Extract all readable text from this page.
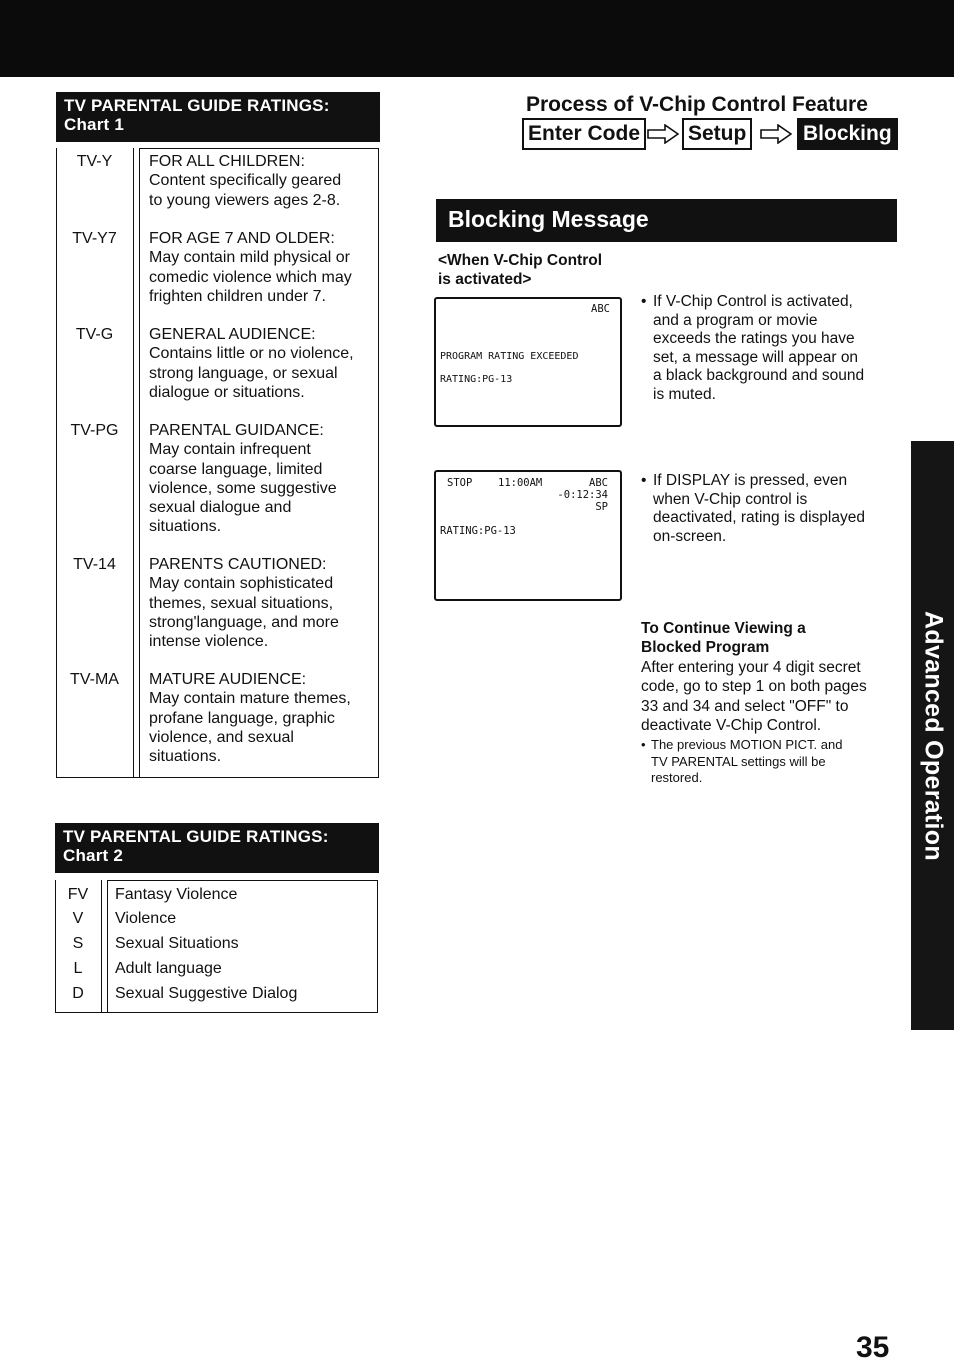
TV PARENTAL GUIDE RATINGS:
Chart 1
TV-Y	FOR ALL CHILDREN:
Content specifically geared
to young viewers ages 2-8.
TV-Y7	FOR AGE 7 AND OLDER:
May contain mild physical or
comedic violence which may
frighten children under 7.
TV-G	GENERAL AUDIENCE:
Contains little or no violence,
strong language, or sexual
dialogue or situations.
TV-PG	PARENTAL GUIDANCE:
May contain infrequent
coarse language, limited
violence, some suggestive
sexual dialogue and
situations.
TV-14	PARENTS CAUTIONED:
May contain sophisticated
themes, sexual situations,
strong'language, and more
intense violence.
TV-MA	MATURE AUDIENCE:
May contain mature themes,
profane language, graphic
violence, and sexual
situations.
TV PARENTAL GUIDE RATINGS:
Chart 2
FV	Fantasy Violence
V	Violence
S	Sexual Situations
L	Adult language
D	Sexual Suggestive Dialog
Process of V-Chip Control Feature
Enter Code Setup	Blocking
Blocking Message
<When V-Chip Control
is activated>
ABC
PROGRAM RATING EXCEEDED
RATING:PG-13
STOP 11:00AM	ABC
-0:12:34
SP
RATING:PG-13
• If V-Chip Control is activated,
and a program or movie
exceeds the ratings you have
set, a message will appear on
a black background and sound
is muted.
• If DISPLAY is pressed, even
when V-Chip control is
deactivated, rating is displayed
on-screen.
To Continue Viewing a
Blocked Program
After entering your 4 digit secret
code, go to step 1 on both pages
33 and 34 and select "OFF" to
deactivate V-Chip Control.
• The previous MOTION PICT. and
TV PARENTAL settings will be
restored.	Advanced Operation
35
